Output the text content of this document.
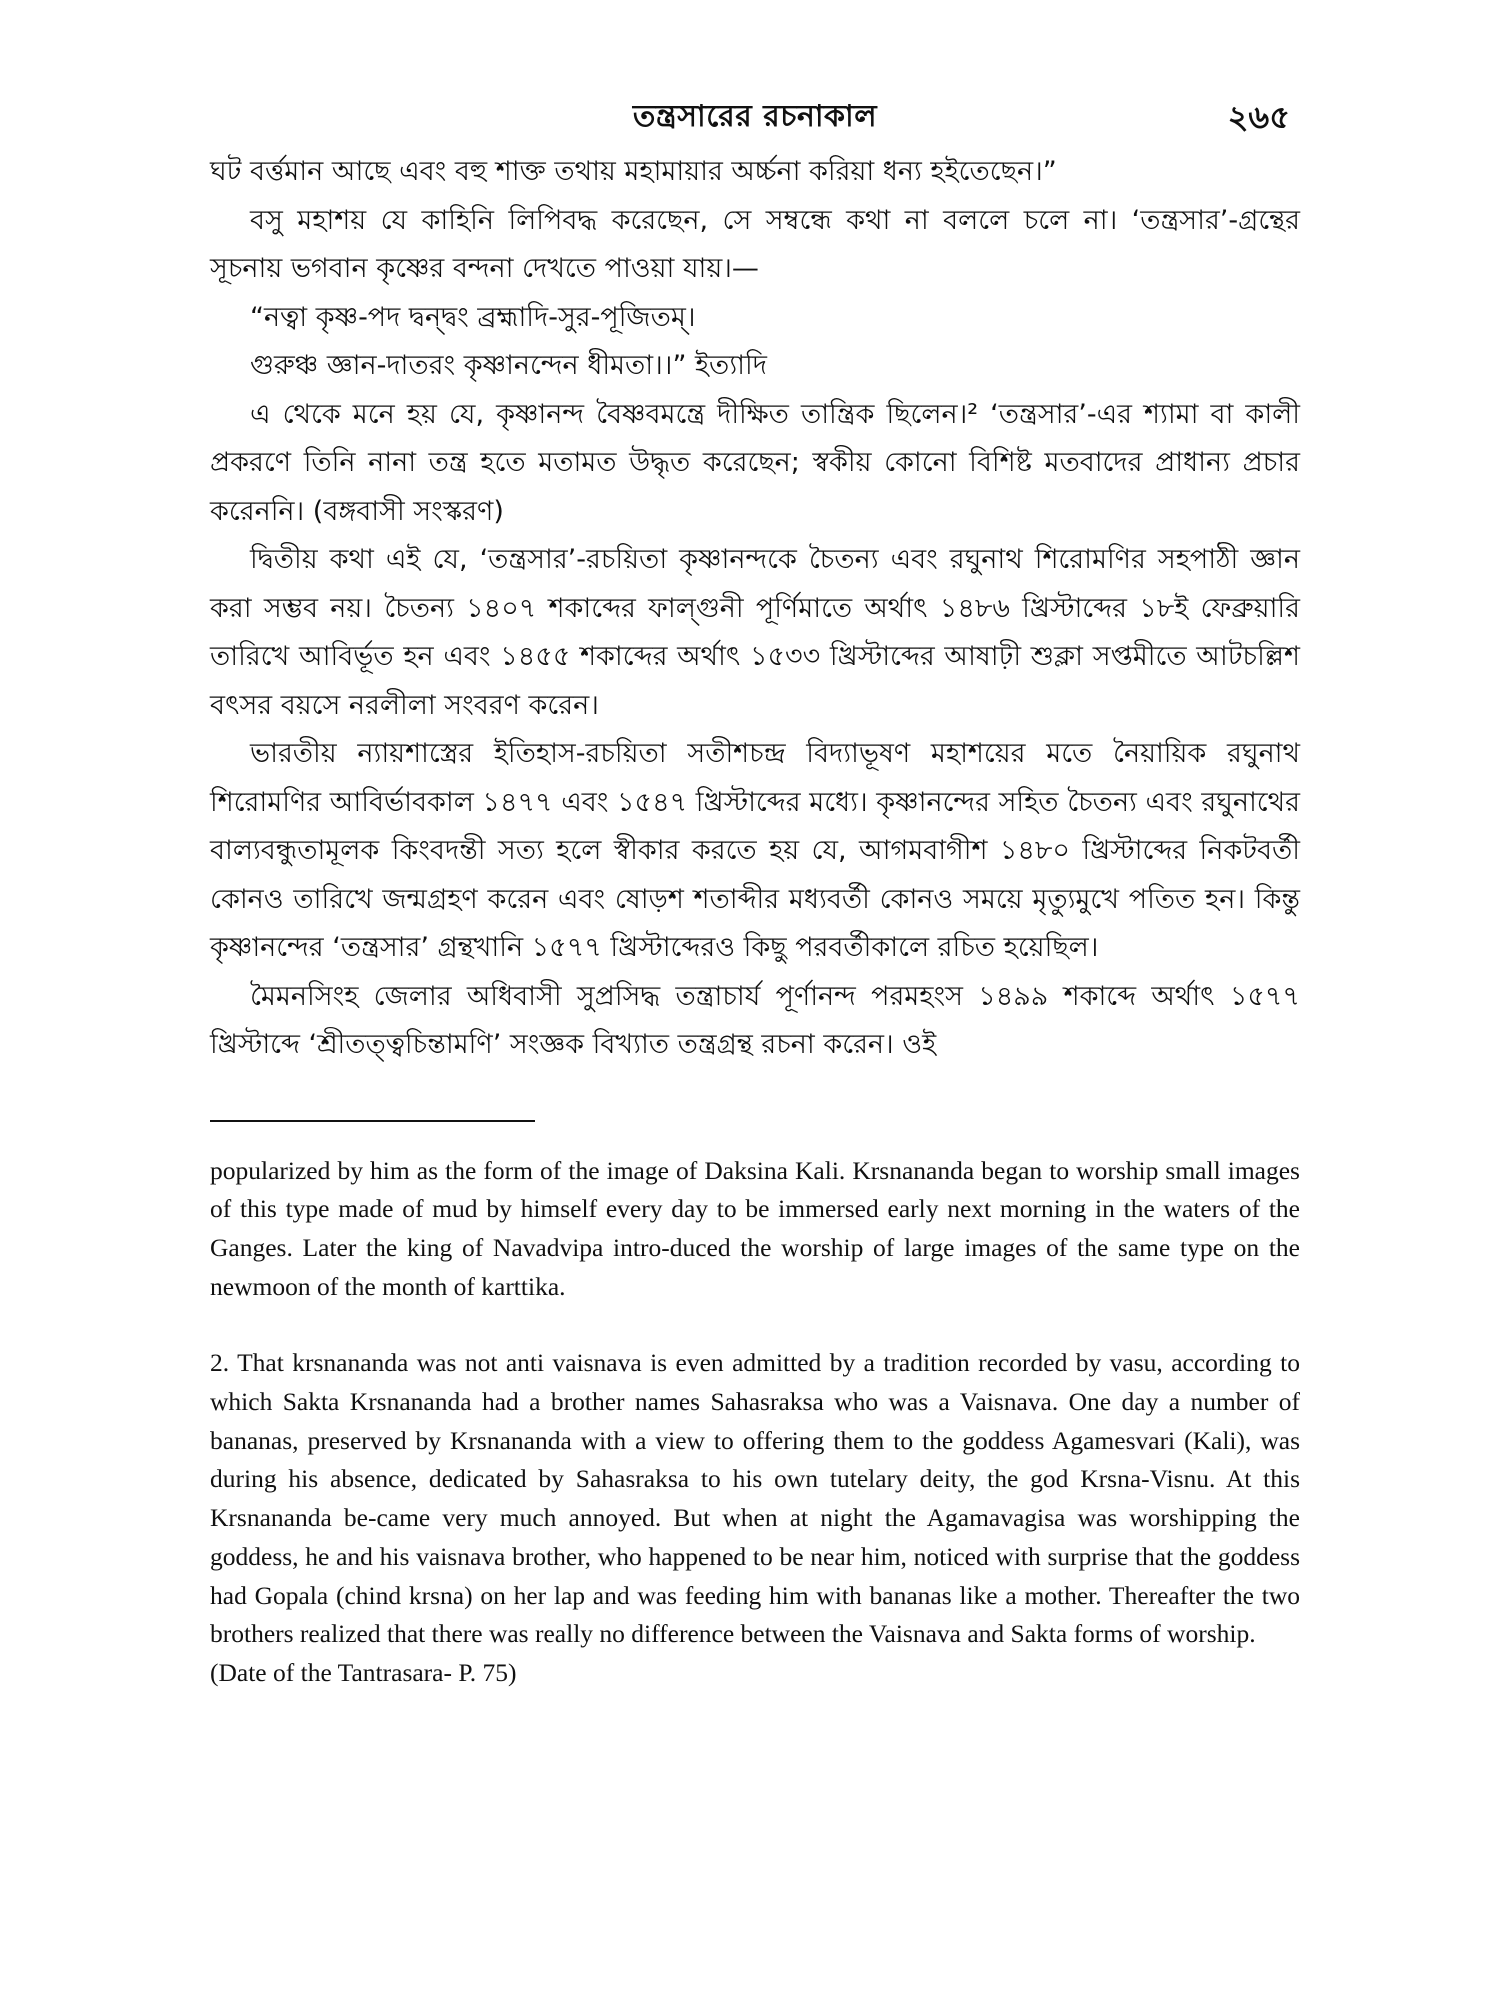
তন্ত্রসারের রচনাকাল	২৬৫

ঘট বর্ত্তমান আছে এবং বহু শাক্ত তথায় মহামায়ার অর্চ্চনা করিয়া ধন্য হইতেছেন।”

বসু মহাশয় যে কাহিনি লিপিবদ্ধ করেছেন, সে সম্বন্ধে কথা না বললে চলে না। ‘তন্ত্রসার’-গ্রন্থের সূচনায় ভগবান কৃষ্ণের বন্দনা দেখতে পাওয়া যায়।—

“নত্বা কৃষ্ণ-পদ দ্বন্দ্বং ব্রহ্মাদি-সুর-পূজিতম্।

গুরুঞ্চ জ্ঞান-দাতরং কৃষ্ণানন্দেন ধীমতা।।” ইত্যাদি

এ থেকে মনে হয় যে, কৃষ্ণানন্দ বৈষ্ণবমন্ত্রে দীক্ষিত তান্ত্রিক ছিলেন।² ‘তন্ত্রসার’-এর শ্যামা বা কালী প্রকরণে তিনি নানা তন্ত্র হতে মতামত উদ্ধৃত করেছেন; স্বকীয় কোনো বিশিষ্ট মতবাদের প্রাধান্য প্রচার করেননি। (বঙ্গবাসী সংস্করণ)

দ্বিতীয় কথা এই যে, ‘তন্ত্রসার’-রচয়িতা কৃষ্ণানন্দকে চৈতন্য এবং রঘুনাথ শিরোমণির সহপাঠী জ্ঞান করা সম্ভব নয়। চৈতন্য ১৪০৭ শকাব্দের ফাল্গুনী পূর্ণিমাতে অর্থাৎ ১৪৮৬ খ্রিস্টাব্দের ১৮ই ফেব্রুয়ারি তারিখে আবির্ভূত হন এবং ১৪৫৫ শকাব্দের অর্থাৎ ১৫৩৩ খ্রিস্টাব্দের আষাঢ়ী শুক্লা সপ্তমীতে আটচল্লিশ বৎসর বয়সে নরলীলা সংবরণ করেন।

ভারতীয় ন্যায়শাস্ত্রের ইতিহাস-রচয়িতা সতীশচন্দ্র বিদ্যাভূষণ মহাশয়ের মতে নৈয়ায়িক রঘুনাথ শিরোমণির আবির্ভাবকাল ১৪৭৭ এবং ১৫৪৭ খ্রিস্টাব্দের মধ্যে। কৃষ্ণানন্দের সহিত চৈতন্য এবং রঘুনাথের বাল্যবন্ধুতামূলক কিংবদন্তী সত্য হলে স্বীকার করতে হয় যে, আগমবাগীশ ১৪৮০ খ্রিস্টাব্দের নিকটবর্তী কোনও তারিখে জন্মগ্রহণ করেন এবং ষোড়শ শতাব্দীর মধ্যবর্তী কোনও সময়ে মৃত্যুমুখে পতিত হন। কিন্তু কৃষ্ণানন্দের ‘তন্ত্রসার’ গ্রন্থখানি ১৫৭৭ খ্রিস্টাব্দেরও কিছু পরবর্তীকালে রচিত হয়েছিল।

মৈমনসিংহ জেলার অধিবাসী সুপ্রসিদ্ধ তন্ত্রাচার্য পূর্ণানন্দ পরমহংস ১৪৯৯ শকাব্দে অর্থাৎ ১৫৭৭ খ্রিস্টাব্দে ‘শ্রীতত্ত্বচিন্তামণি’ সংজ্ঞক বিখ্যাত তন্ত্রগ্রন্থ রচনা করেন। ওই

popularized by him as the form of the image of Daksina Kali. Krsnananda began to worship small images of this type made of mud by himself every day to be immersed early next morning in the waters of the Ganges. Later the king of Navadvipa intro-duced the worship of large images of the same type on the newmoon of the month of karttika.

2. That krsnananda was not anti vaisnava is even admitted by a tradition recorded by vasu, according to which Sakta Krsnananda had a brother names Sahasraksa who was a Vaisnava. One day a number of bananas, preserved by Krsnananda with a view to offering them to the goddess Agamesvari (Kali), was during his absence, dedicated by Sahasraksa to his own tutelary deity, the god Krsna-Visnu. At this Krsnananda be-came very much annoyed. But when at night the Agamavagisa was worshipping the goddess, he and his vaisnava brother, who happened to be near him, noticed with surprise that the goddess had Gopala (chind krsna) on her lap and was feeding him with bananas like a mother. Thereafter the two brothers realized that there was really no difference between the Vaisnava and Sakta forms of worship.

(Date of the Tantrasara- P. 75)
